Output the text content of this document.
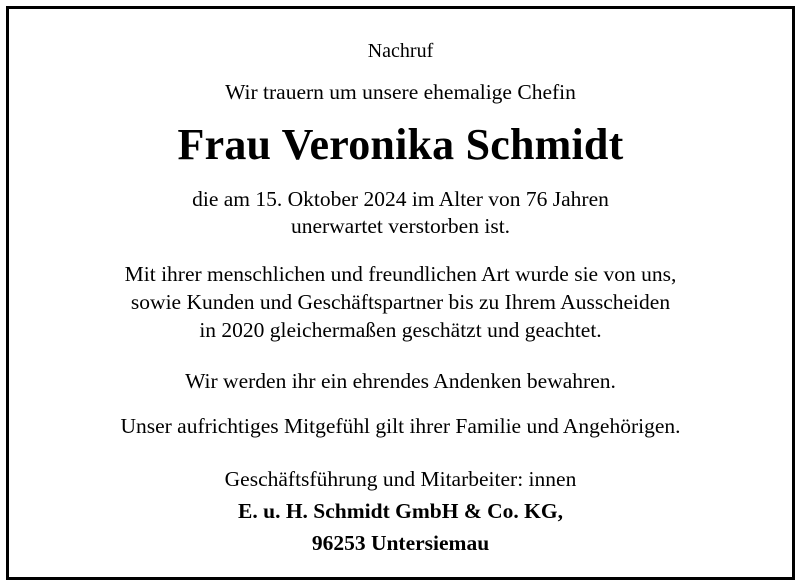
Nachruf
Wir trauern um unsere ehemalige Chefin
Frau Veronika Schmidt
die am 15. Oktober 2024 im Alter von 76 Jahren
unerwartet verstorben ist.
Mit ihrer menschlichen und freundlichen Art wurde sie von uns,
sowie Kunden und Geschäftspartner bis zu Ihrem Ausscheiden
in 2020 gleichermaßen geschätzt und geachtet.
Wir werden ihr ein ehrendes Andenken bewahren.
Unser aufrichtiges Mitgefühl gilt ihrer Familie und Angehörigen.
Geschäftsführung und Mitarbeiter: innen
E. u. H. Schmidt GmbH & Co. KG,
96253 Untersiemau
